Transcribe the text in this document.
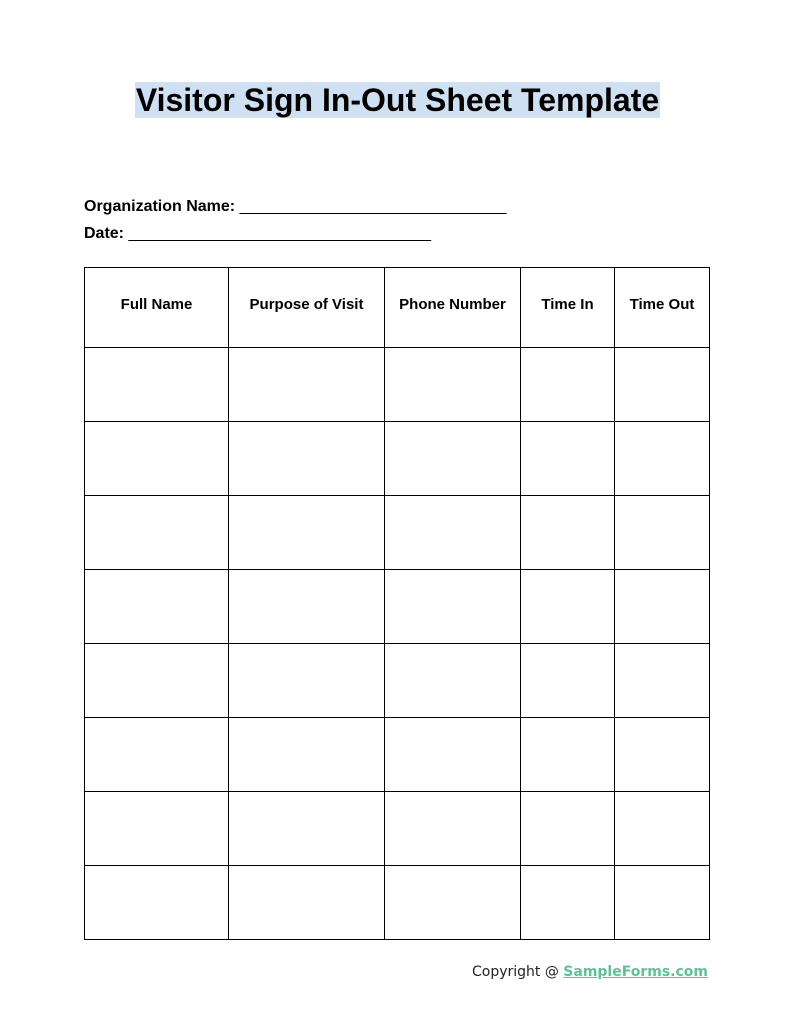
Visitor Sign In-Out Sheet Template
Organization Name: ______________________________
Date: __________________________________
Full Name	Purpose of Visit	Phone Number	Time In	Time Out

Copyright @ SampleForms.com
